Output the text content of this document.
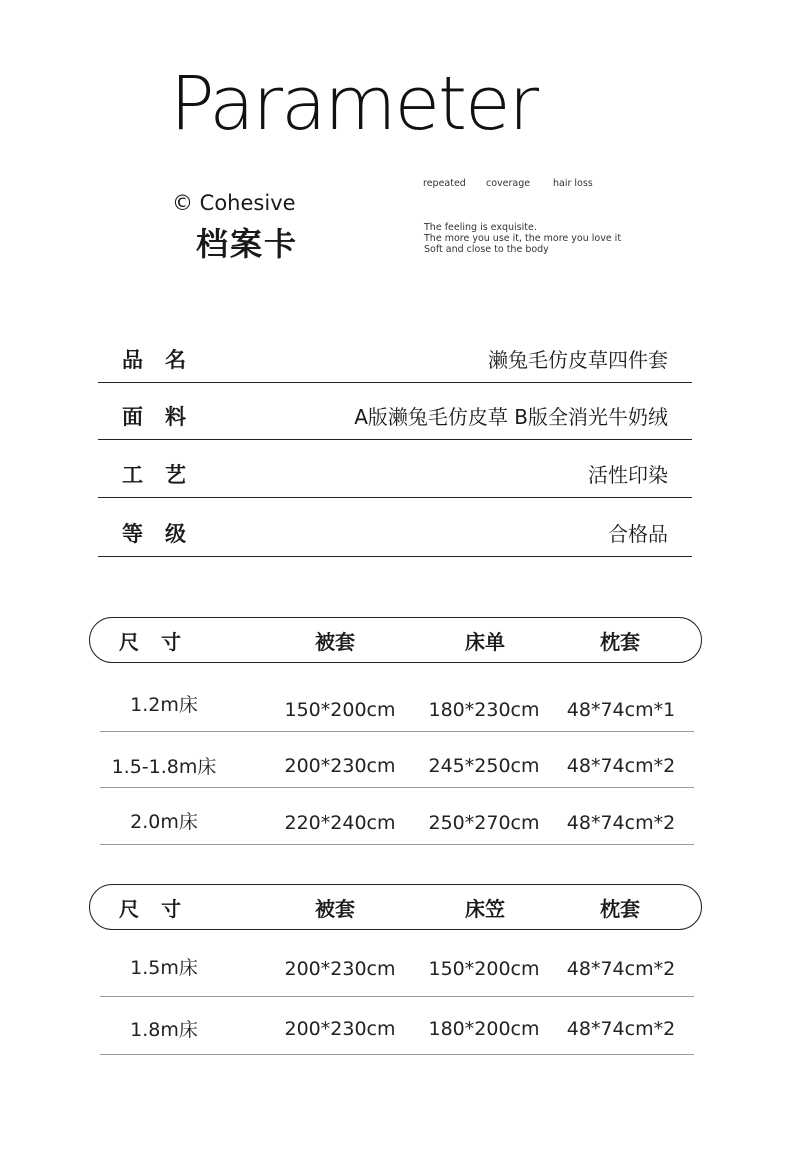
Parameter
© Cohesive
档案卡
repeated coverage hair loss
The feeling is exquisite.
The more you use it, the more you love it
Soft and close to the body
品名	濑兔毛仿皮草四件套
面料	A版濑兔毛仿皮草 B版全消光牛奶绒
工艺	活性印染
等级	合格品
尺寸	被套	床单	枕套
1.2m床	150*200cm 180*230cm 48*74cm*1
1.5-1.8m床	200*230cm 245*250cm 48*74cm*2
2.0m床	220*240cm 250*270cm 48*74cm*2
尺寸	被套	床笠	枕套
1.5m床	200*230cm 150*200cm 48*74cm*2
1.8m床	200*230cm 180*200cm 48*74cm*2
